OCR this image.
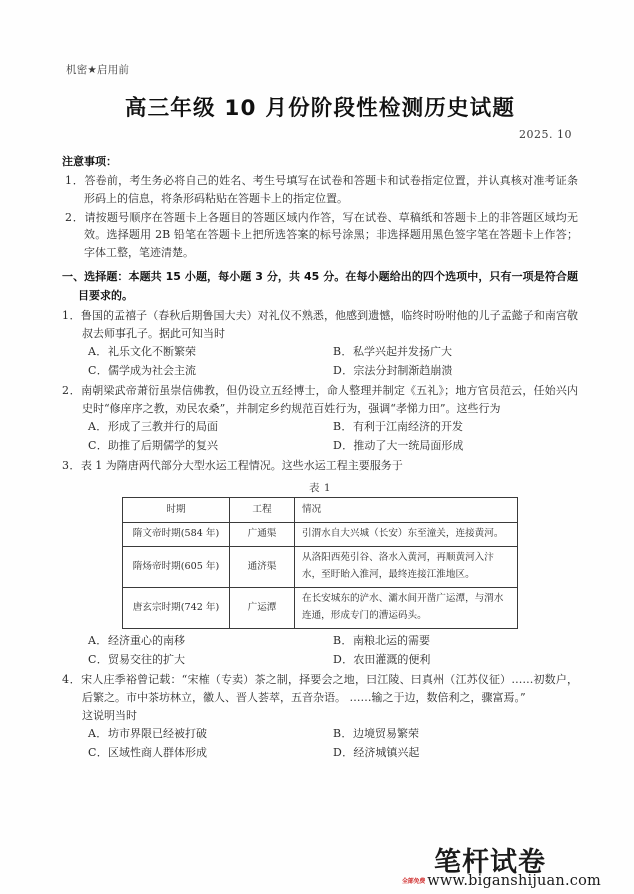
机密★启用前
高三年级 10 月份阶段性检测历史试题
2025. 10
注意事项：
1．答卷前，考生务必将自己的姓名、考生号填写在试卷和答题卡和试卷指定位置，并认真核对准考证条形码上的信息，将条形码粘贴在答题卡上的指定位置。
2．请按题号顺序在答题卡上各题目的答题区域内作答，写在试卷、草稿纸和答题卡上的非答题区域均无效。选择题用 2B 铅笔在答题卡上把所选答案的标号涂黑；非选择题用黑色签字笔在答题卡上作答；字体工整，笔迹清楚。
一、选择题：本题共 15 小题，每小题 3 分，共 45 分。在每小题给出的四个选项中，只有一项是符合题目要求的。
1．鲁国的孟禧子（春秋后期鲁国大夫）对礼仪不熟悉，他感到遗憾，临终时吩咐他的儿子孟懿子和南宫敬叔去师事孔子。据此可知当时
A．礼乐文化不断繁荣	B．私学兴起并发扬广大
C．儒学成为社会主流	D．宗法分封制渐趋崩溃
2．南朝梁武帝萧衍虽崇信佛教，但仍设立五经博士，命人整理并制定《五礼》；地方官员范云，任始兴内史时“修庠序之教，劝民农桑”，并制定乡约规范百姓行为，强调“孝悌力田”。这些行为
A．形成了三教并行的局面	B．有利于江南经济的开发
C．助推了后期儒学的复兴	D．推动了大一统局面形成
3．表 1 为隋唐两代部分大型水运工程情况。这些水运工程主要服务于
表 1
时期	工程	情况
隋文帝时期(584 年)	广通渠	引渭水自大兴城（长安）东至潼关，连接黄河。
隋炀帝时期(605 年)	通济渠	从洛阳西苑引谷、洛水入黄河，再顺黄河入汴水，至盱眙入淮河，最终连接江淮地区。
唐玄宗时期(742 年)	广运潭	在长安城东的浐水、灞水间开凿广运潭，与渭水连通，形成专门的漕运码头。
A．经济重心的南移	B．南粮北运的需要
C．贸易交往的扩大	D．农田灌溉的便利
4．宋人庄季裕曾记载：“宋榷（专卖）茶之制，择要会之地，曰江陵、曰真州（江苏仪征）……初数户，后繁之。市中茶坊林立，徽人、晋人荟萃，五音杂语。 ……输之于边，数倍利之，骤富焉。”
这说明当时
A．坊市界限已经被打破	B．边境贸易繁荣
C．区域性商人群体形成	D．经济城镇兴起
笔杆试卷
全部免费 www.biganshijuan.com
